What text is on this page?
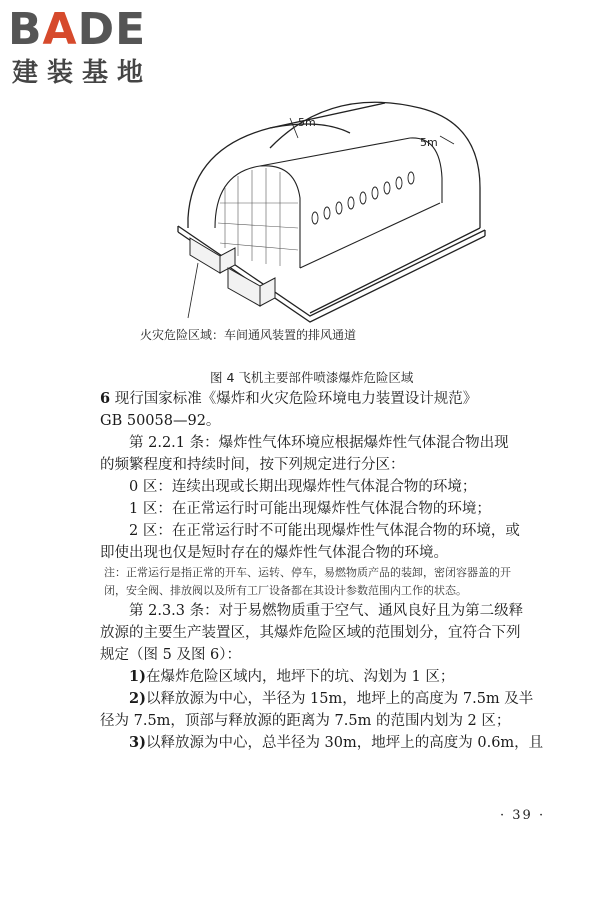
BADE
建装基地
5m
5m
火灾危险区域：车间通风装置的排风通道
图 4 飞机主要部件喷漆爆炸危险区域

6 现行国家标准《爆炸和火灾危险环境电力装置设计规范》

GB 50058—92。

第 2.2.1 条：爆炸性气体环境应根据爆炸性气体混合物出现

的频繁程度和持续时间，按下列规定进行分区：

0 区：连续出现或长期出现爆炸性气体混合物的环境；

1 区：在正常运行时可能出现爆炸性气体混合物的环境；

2 区：在正常运行时不可能出现爆炸性气体混合物的环境，或

即使出现也仅是短时存在的爆炸性气体混合物的环境。

注：正常运行是指正常的开车、运转、停车，易燃物质产品的装卸，密闭容器盖的开

闭，安全阀、排放阀以及所有工厂设备都在其设计参数范围内工作的状态。

第 2.3.3 条：对于易燃物质重于空气、通风良好且为第二级释

放源的主要生产装置区，其爆炸危险区域的范围划分，宜符合下列

规定（图 5 及图 6）：

1)在爆炸危险区域内，地坪下的坑、沟划为 1 区；

2)以释放源为中心，半径为 15m，地坪上的高度为 7.5m 及半

径为 7.5m，顶部与释放源的距离为 7.5m 的范围内划为 2 区；

3)以释放源为中心，总半径为 30m，地坪上的高度为 0.6m，且

· 39 ·
